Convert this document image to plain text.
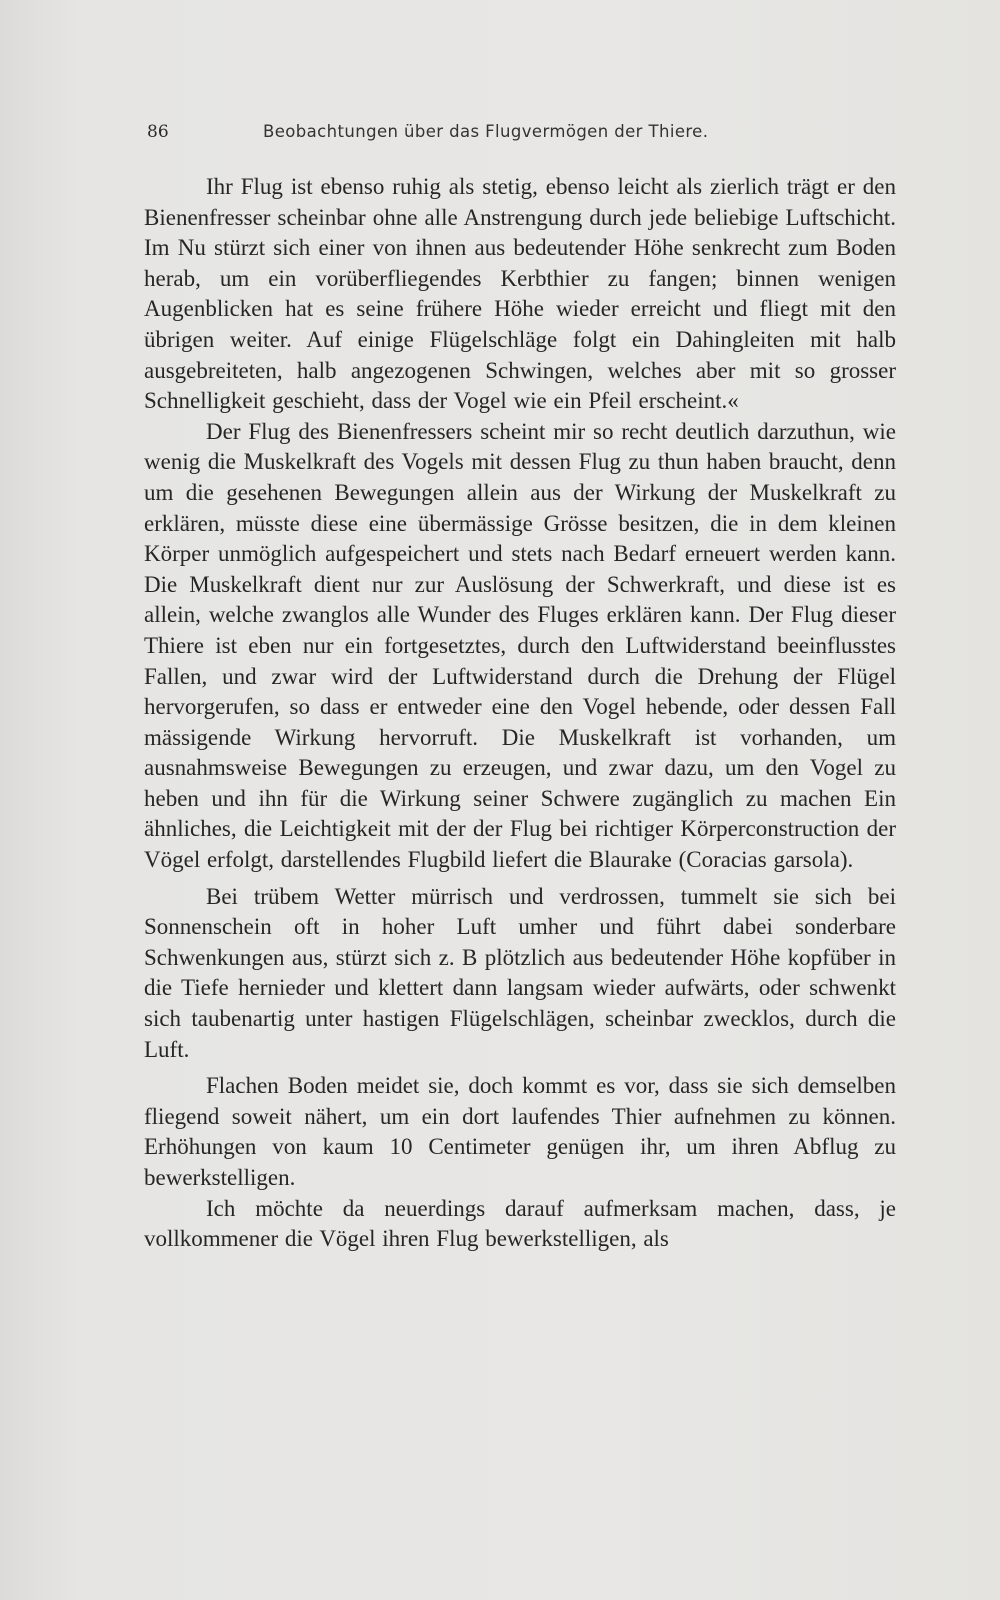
86	Beobachtungen über das Flugvermögen der Thiere.

Ihr Flug ist ebenso ruhig als stetig, ebenso leicht als zierlich trägt er den Bienenfresser scheinbar ohne alle Anstrengung durch jede beliebige Luftschicht. Im Nu stürzt sich einer von ihnen aus bedeutender Höhe senkrecht zum Boden herab, um ein vorüberfliegendes Kerbthier zu fangen; binnen wenigen Augenblicken hat es seine frühere Höhe wieder erreicht und fliegt mit den übrigen weiter. Auf einige Flügelschläge folgt ein Dahingleiten mit halb ausgebreiteten, halb angezogenen Schwingen, welches aber mit so grosser Schnelligkeit geschieht, dass der Vogel wie ein Pfeil erscheint.«

Der Flug des Bienenfressers scheint mir so recht deutlich darzuthun, wie wenig die Muskelkraft des Vogels mit dessen Flug zu thun haben braucht, denn um die gesehenen Bewegungen allein aus der Wirkung der Muskelkraft zu erklären, müsste diese eine übermässige Grösse besitzen, die in dem kleinen Körper unmöglich aufgespeichert und stets nach Bedarf erneuert werden kann. Die Muskelkraft dient nur zur Auslösung der Schwerkraft, und diese ist es allein, welche zwanglos alle Wunder des Fluges erklären kann. Der Flug dieser Thiere ist eben nur ein fortgesetztes, durch den Luftwiderstand beeinflusstes Fallen, und zwar wird der Luftwiderstand durch die Drehung der Flügel hervorgerufen, so dass er entweder eine den Vogel hebende, oder dessen Fall mässigende Wirkung hervorruft. Die Muskelkraft ist vorhanden, um ausnahmsweise Bewegungen zu erzeugen, und zwar dazu, um den Vogel zu heben und ihn für die Wirkung seiner Schwere zugänglich zu machen Ein ähnliches, die Leichtigkeit mit der der Flug bei richtiger Körperconstruction der Vögel erfolgt, darstellendes Flugbild liefert die Blaurake (Coracias garsola).

Bei trübem Wetter mürrisch und verdrossen, tummelt sie sich bei Sonnenschein oft in hoher Luft umher und führt dabei sonderbare Schwenkungen aus, stürzt sich z. B plötzlich aus bedeutender Höhe kopfüber in die Tiefe hernieder und klettert dann langsam wieder aufwärts, oder schwenkt sich taubenartig unter hastigen Flügelschlägen, scheinbar zwecklos, durch die Luft.

Flachen Boden meidet sie, doch kommt es vor, dass sie sich demselben fliegend soweit nähert, um ein dort laufendes Thier aufnehmen zu können. Erhöhungen von kaum 10 Centimeter genügen ihr, um ihren Abflug zu bewerkstelligen.

Ich möchte da neuerdings darauf aufmerksam machen, dass, je vollkommener die Vögel ihren Flug bewerkstelligen, als
